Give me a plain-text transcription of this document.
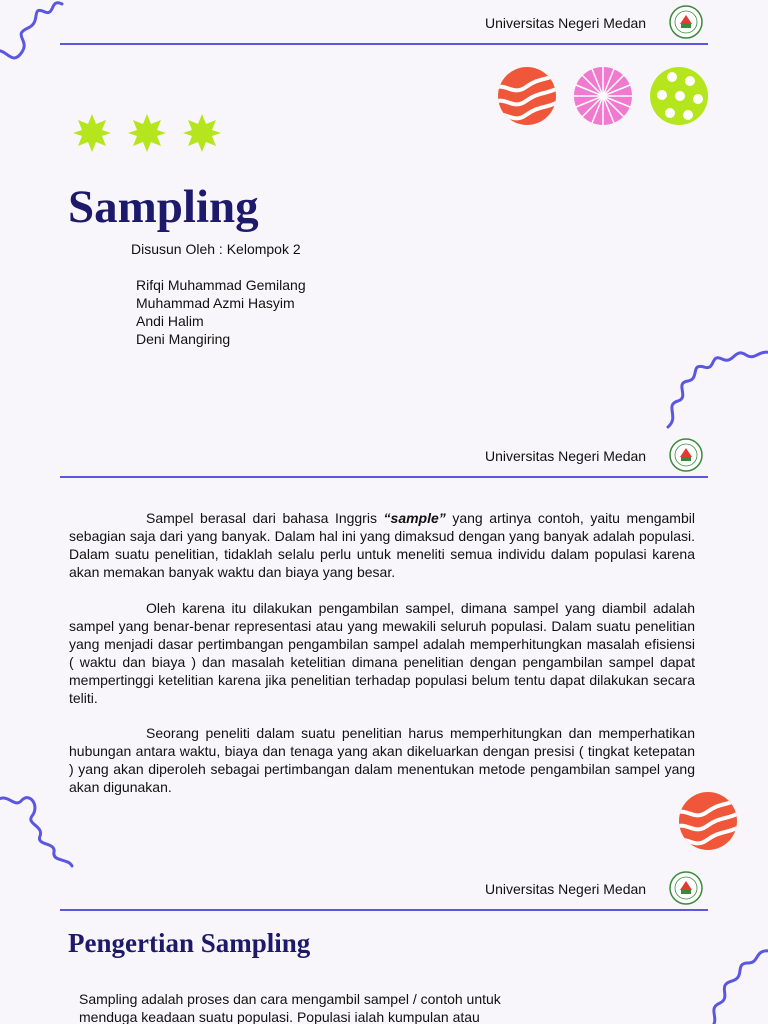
Universitas Negeri Medan
Sampling
Disusun Oleh : Kelompok 2
Rifqi Muhammad Gemilang
Muhammad Azmi Hasyim
Andi Halim
Deni Mangiring
Universitas Negeri Medan

Sampel berasal dari bahasa Inggris “sample” yang artinya contoh, yaitu mengambil sebagian saja dari yang banyak. Dalam hal ini yang dimaksud dengan yang banyak adalah populasi. Dalam suatu penelitian, tidaklah selalu perlu untuk meneliti semua individu dalam populasi karena akan memakan banyak waktu dan biaya yang besar.

Oleh karena itu dilakukan pengambilan sampel, dimana sampel yang diambil adalah sampel yang benar-benar representasi atau yang mewakili seluruh populasi. Dalam suatu penelitian yang menjadi dasar pertimbangan pengambilan sampel adalah memperhitungkan masalah efisiensi ( waktu dan biaya ) dan masalah ketelitian dimana penelitian dengan pengambilan sampel dapat mempertinggi ketelitian karena jika penelitian terhadap populasi belum tentu dapat dilakukan secara teliti.

Seorang peneliti dalam suatu penelitian harus memperhitungkan dan memperhatikan hubungan antara waktu, biaya dan tenaga yang akan dikeluarkan dengan presisi ( tingkat ketepatan ) yang akan diperoleh sebagai pertimbangan dalam menentukan metode pengambilan sampel yang akan digunakan.

Universitas Negeri Medan
Pengertian Sampling

Sampling adalah proses dan cara mengambil sampel / contoh untuk menduga keadaan suatu populasi. Populasi ialah kumpulan atau
